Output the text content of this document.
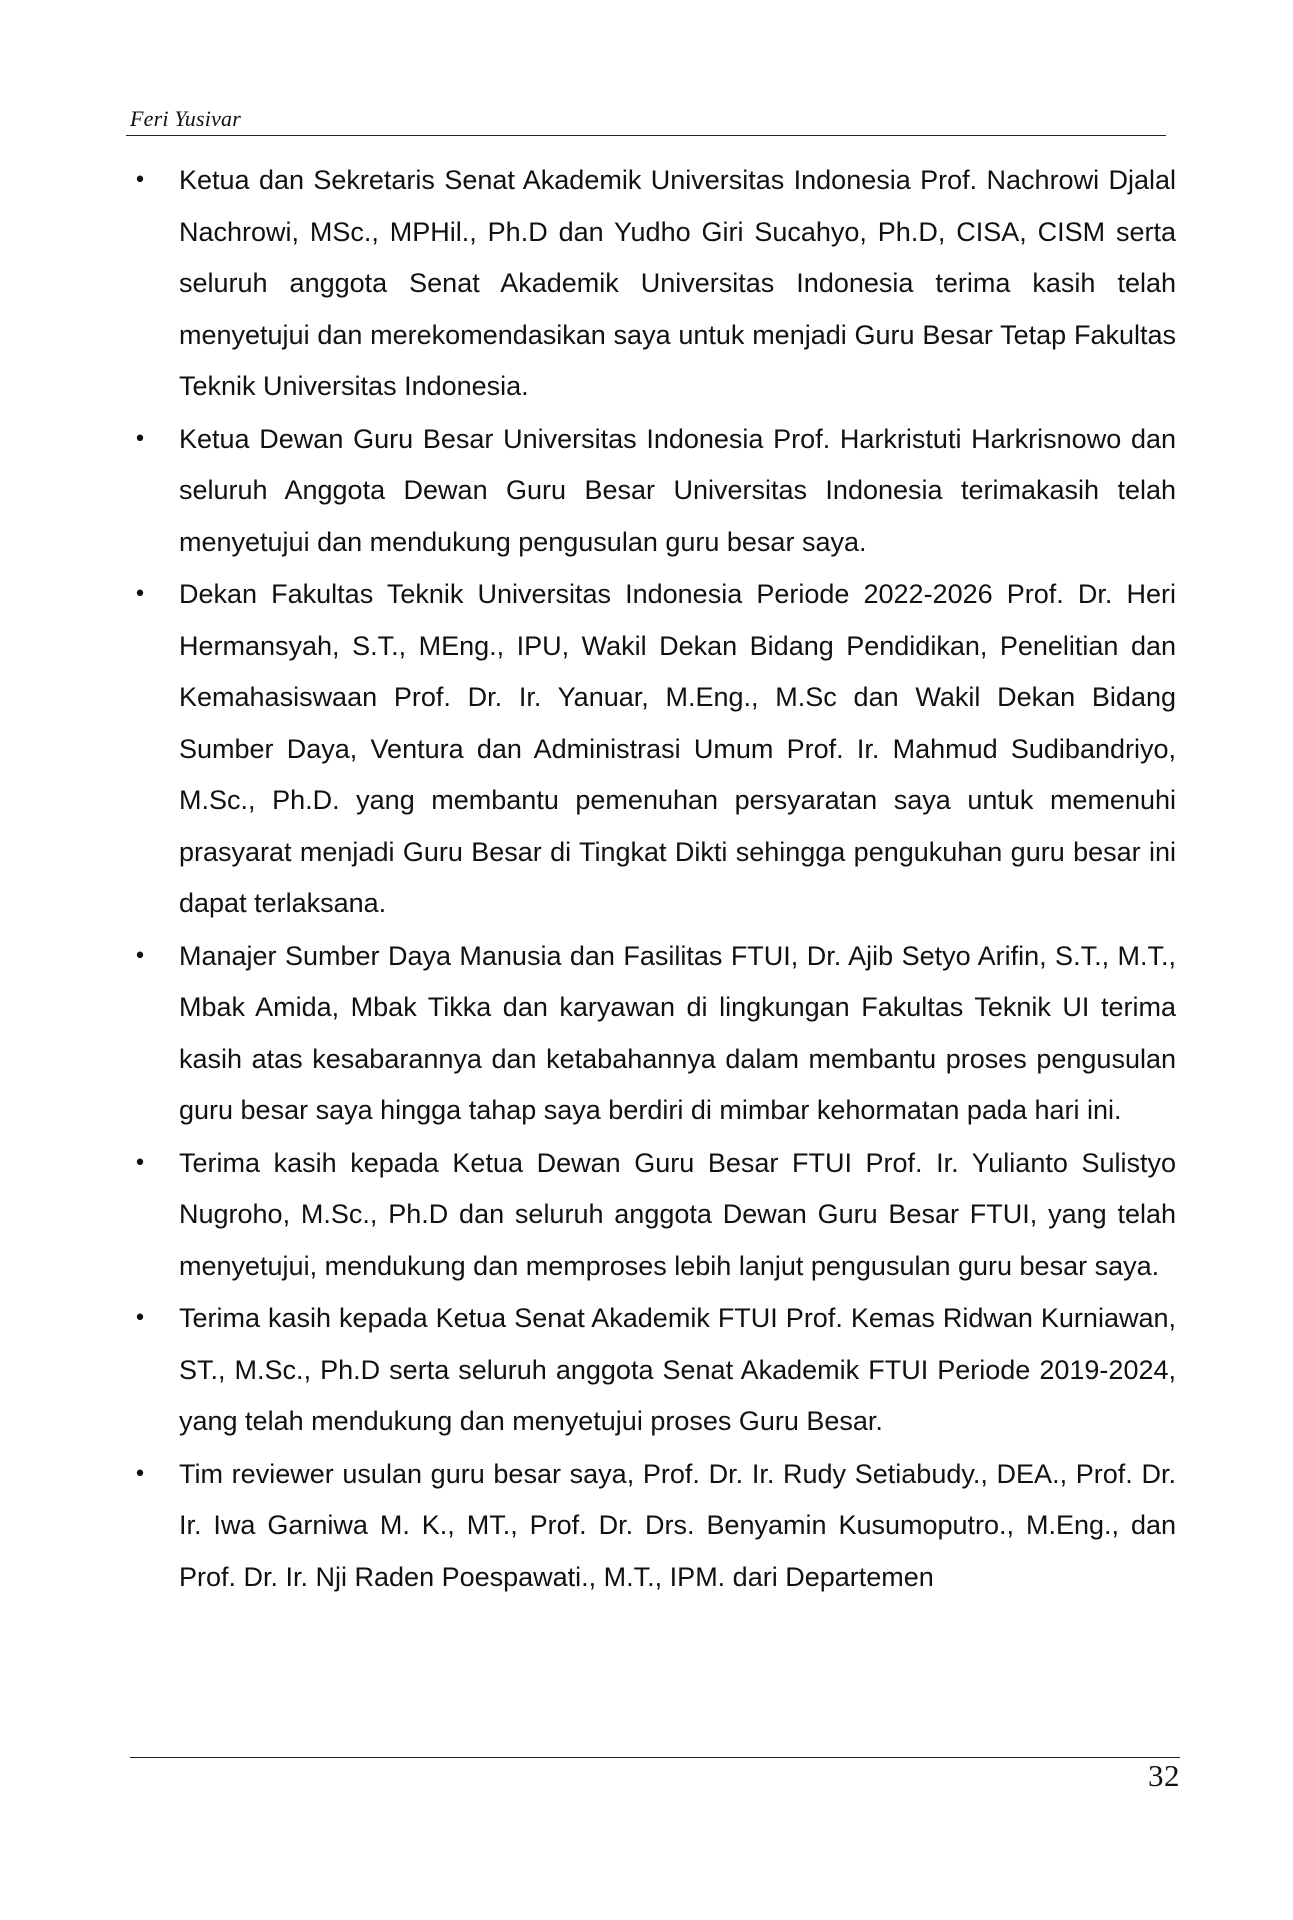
Feri Yusivar
• Ketua dan Sekretaris Senat Akademik Universitas Indonesia Prof. Nachrowi Djalal Nachrowi, MSc., MPHil., Ph.D dan Yudho Giri Sucahyo, Ph.D, CISA, CISM serta seluruh anggota Senat Akademik Universitas Indonesia terima kasih telah menyetujui dan merekomendasikan saya untuk menjadi Guru Besar Tetap Fakultas Teknik Universitas Indonesia.
• Ketua Dewan Guru Besar Universitas Indonesia Prof. Harkristuti Harkrisnowo dan seluruh Anggota Dewan Guru Besar Universitas Indonesia terimakasih telah menyetujui dan mendukung pengusulan guru besar saya.
• Dekan Fakultas Teknik Universitas Indonesia Periode 2022-2026 Prof. Dr. Heri Hermansyah, S.T., MEng., IPU, Wakil Dekan Bidang Pendidikan, Penelitian dan Kemahasiswaan Prof. Dr. Ir. Yanuar, M.Eng., M.Sc dan Wakil Dekan Bidang Sumber Daya, Ventura dan Administrasi Umum Prof. Ir. Mahmud Sudibandriyo, M.Sc., Ph.D. yang membantu pemenuhan persyaratan saya untuk memenuhi prasyarat menjadi Guru Besar di Tingkat Dikti sehingga pengukuhan guru besar ini dapat terlaksana.
• Manajer Sumber Daya Manusia dan Fasilitas FTUI, Dr. Ajib Setyo Arifin, S.T., M.T., Mbak Amida, Mbak Tikka dan karyawan di lingkungan Fakultas Teknik UI terima kasih atas kesabarannya dan ketabahannya dalam membantu proses pengusulan guru besar saya hingga tahap saya berdiri di mimbar kehormatan pada hari ini.
• Terima kasih kepada Ketua Dewan Guru Besar FTUI Prof. Ir. Yulianto Sulistyo Nugroho, M.Sc., Ph.D dan seluruh anggota Dewan Guru Besar FTUI, yang telah menyetujui, mendukung dan memproses lebih lanjut pengusulan guru besar saya.
• Terima kasih kepada Ketua Senat Akademik FTUI Prof. Kemas Ridwan Kurniawan, ST., M.Sc., Ph.D serta seluruh anggota Senat Akademik FTUI Periode 2019-2024, yang telah mendukung dan menyetujui proses Guru Besar.
• Tim reviewer usulan guru besar saya, Prof. Dr. Ir. Rudy Setiabudy., DEA., Prof. Dr. Ir. Iwa Garniwa M. K., MT., Prof. Dr. Drs. Benyamin Kusumoputro., M.Eng., dan Prof. Dr. Ir. Nji Raden Poespawati., M.T., IPM. dari Departemen
32
